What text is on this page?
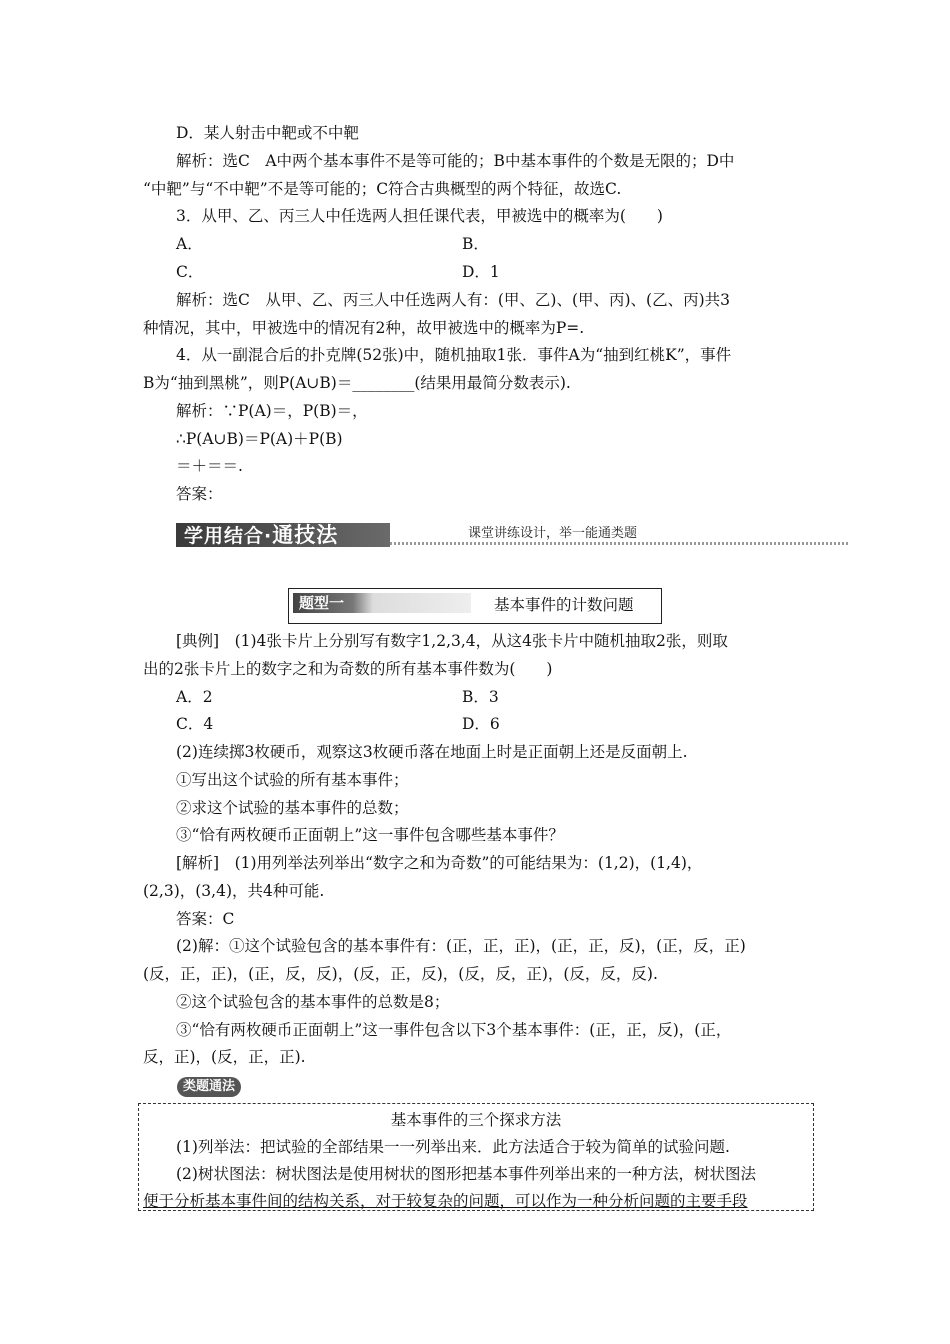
D．某人射击中靶或不中靶
解析：选C　A中两个基本事件不是等可能的；B中基本事件的个数是无限的；D中
“中靶”与“不中靶”不是等可能的；C符合古典概型的两个特征，故选C.
3．从甲、乙、丙三人中任选两人担任课代表，甲被选中的概率为(　　)
A．	B．
C．	D．1
解析：选C　从甲、乙、丙三人中任选两人有：(甲、乙)、(甲、丙)、(乙、丙)共3
种情况，其中，甲被选中的情况有2种，故甲被选中的概率为P=.
4．从一副混合后的扑克牌(52张)中，随机抽取1张．事件A为“抽到红桃K”，事件
B为“抽到黑桃”，则P(A∪B)＝________(结果用最简分数表示).
解析：∵P(A)＝，P(B)＝，
∴P(A∪B)＝P(A)＋P(B)
＝＋＝＝.
答案：
学用结合·通技法	课堂讲练设计，举一能通类题
题型一	基本事件的计数问题
[典例]　(1)4张卡片上分别写有数字1,2,3,4，从这4张卡片中随机抽取2张，则取
出的2张卡片上的数字之和为奇数的所有基本事件数为(　　)
A．2	B．3
C．4	D．6
(2)连续掷3枚硬币，观察这3枚硬币落在地面上时是正面朝上还是反面朝上.
①写出这个试验的所有基本事件；
②求这个试验的基本事件的总数；
③“恰有两枚硬币正面朝上”这一事件包含哪些基本事件？
[解析]　(1)用列举法列举出“数字之和为奇数”的可能结果为：(1,2)，(1,4)，
(2,3)，(3,4)，共4种可能.
答案：C
(2)解：①这个试验包含的基本事件有：(正，正，正)，(正，正，反)，(正，反，正)
(反，正，正)，(正，反，反)，(反，正，反)，(反，反，正)，(反，反，反).
②这个试验包含的基本事件的总数是8；
③“恰有两枚硬币正面朝上”这一事件包含以下3个基本事件：(正，正，反)，(正，
反，正)，(反，正，正).
类题通法
基本事件的三个探求方法
(1)列举法：把试验的全部结果一一列举出来．此方法适合于较为简单的试验问题.
(2)树状图法：树状图法是使用树状的图形把基本事件列举出来的一种方法，树状图法
便于分析基本事件间的结构关系，对于较复杂的问题，可以作为一种分析问题的主要手段
